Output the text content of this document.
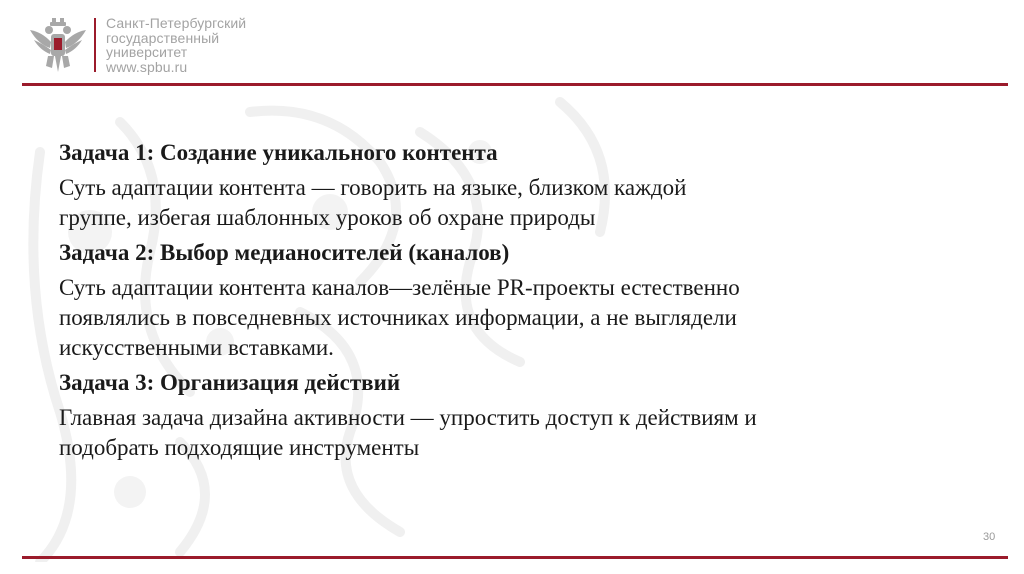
Санкт-Петербургский
государственный
университет
www.spbu.ru

Задача 1: Создание уникального контента

Суть адаптации контента — говорить на языке, близком каждой
группе, избегая шаблонных уроков об охране природы

Задача 2: Выбор медианосителей (каналов)

Суть адаптации контента каналов—зелёные PR-проекты естественно
появлялись в повседневных источниках информации, а не выглядели
искусственными вставками.

Задача 3: Организация действий

Главная задача дизайна активности — упростить доступ к действиям и
подобрать подходящие инструменты

30
